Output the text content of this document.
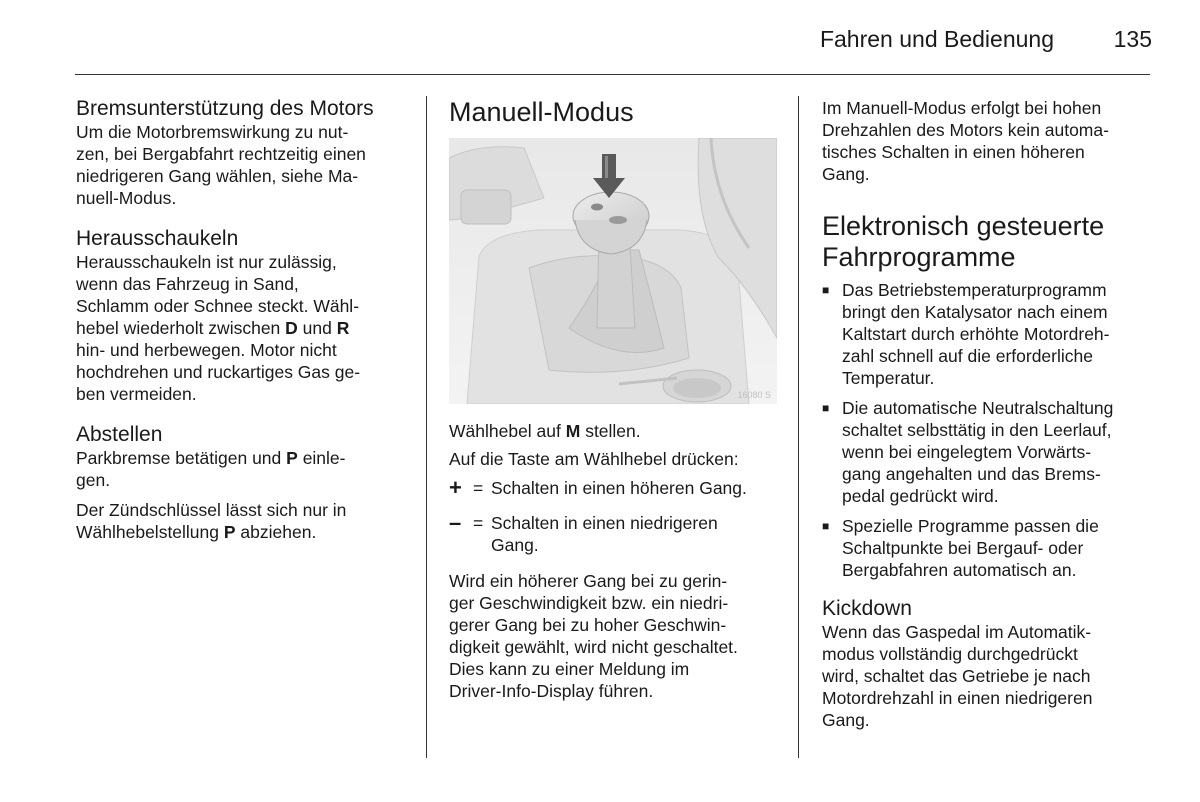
Fahren und Bedienung	135

Bremsunterstützung des Motors

Um die Motorbremswirkung zu nut-

zen, bei Bergabfahrt rechtzeitig einen

niedrigeren Gang wählen, siehe Ma-

nuell-Modus.

Herausschaukeln

Herausschaukeln ist nur zulässig,

wenn das Fahrzeug in Sand,

Schlamm oder Schnee steckt. Wähl-

hebel wiederholt zwischen D und R

hin- und herbewegen. Motor nicht

hochdrehen und ruckartiges Gas ge-

ben vermeiden.

Abstellen

Parkbremse betätigen und P einle-

gen.

Der Zündschlüssel lässt sich nur in

Wählhebelstellung P abziehen.

Manuell-Modus

16080 S

Wählhebel auf M stellen.

Auf die Taste am Wählhebel drücken:

+ = Schalten in einen höheren Gang.
– = Schalten in einen niedrigeren
Gang.

Wird ein höherer Gang bei zu gerin-

ger Geschwindigkeit bzw. ein niedri-

gerer Gang bei zu hoher Geschwin-

digkeit gewählt, wird nicht geschaltet.

Dies kann zu einer Meldung im

Driver-Info-Display führen.

Im Manuell-Modus erfolgt bei hohen

Drehzahlen des Motors kein automa-

tisches Schalten in einen höheren

Gang.

Elektronisch gesteuerte

Fahrprogramme

■ Das Betriebstemperaturprogramm
bringt den Katalysator nach einem
Kaltstart durch erhöhte Motordreh-
zahl schnell auf die erforderliche
Temperatur.
■ Die automatische Neutralschaltung
schaltet selbsttätig in den Leerlauf,
wenn bei eingelegtem Vorwärts-
gang angehalten und das Brems-
pedal gedrückt wird.
■ Spezielle Programme passen die
Schaltpunkte bei Bergauf- oder
Bergabfahren automatisch an.

Kickdown

Wenn das Gaspedal im Automatik-

modus vollständig durchgedrückt

wird, schaltet das Getriebe je nach

Motordrehzahl in einen niedrigeren

Gang.
